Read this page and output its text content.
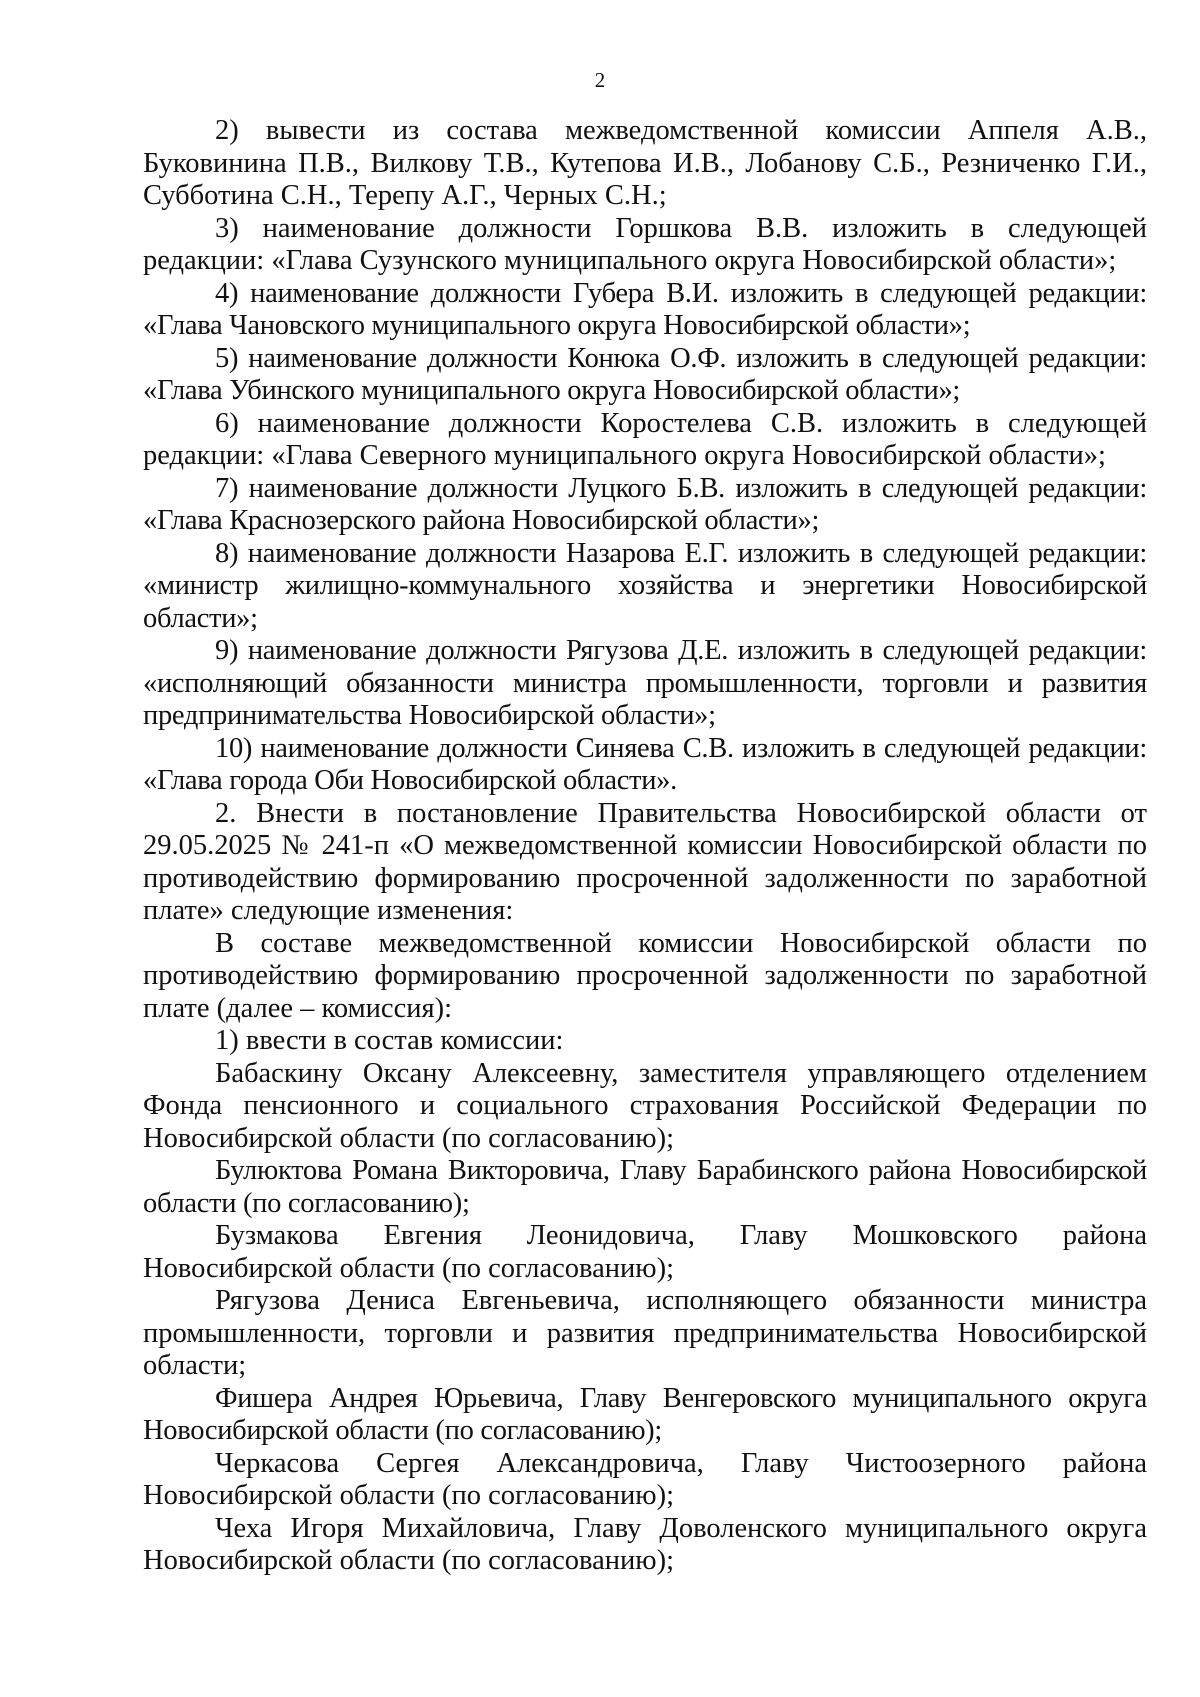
2

2) вывести из состава межведомственной комиссии Аппеля А.В., Буковинина П.В., Вилкову Т.В., Кутепова И.В., Лобанову С.Б., Резниченко Г.И., Субботина С.Н., Терепу А.Г., Черных С.Н.;

3) наименование должности Горшкова В.В. изложить в следующей редакции: «Глава Сузунского муниципального округа Новосибирской области»;

4) наименование должности Губера В.И. изложить в следующей редакции: «Глава Чановского муниципального округа Новосибирской области»;

5) наименование должности Конюка О.Ф. изложить в следующей редакции: «Глава Убинского муниципального округа Новосибирской области»;

6) наименование должности Коростелева С.В. изложить в следующей редакции: «Глава Северного муниципального округа Новосибирской области»;

7) наименование должности Луцкого Б.В. изложить в следующей редакции: «Глава Краснозерского района Новосибирской области»;

8) наименование должности Назарова Е.Г. изложить в следующей редакции: «министр жилищно-коммунального хозяйства и энергетики Новосибирской области»;

9) наименование должности Рягузова Д.Е. изложить в следующей редакции: «исполняющий обязанности министра промышленности, торговли и развития предпринимательства Новосибирской области»;

10) наименование должности Синяева С.В. изложить в следующей редакции: «Глава города Оби Новосибирской области».

2. Внести в постановление Правительства Новосибирской области от 29.05.2025 № 241-п «О межведомственной комиссии Новосибирской области по противодействию формированию просроченной задолженности по заработной плате» следующие изменения:

В составе межведомственной комиссии Новосибирской области по противодействию формированию просроченной задолженности по заработной плате (далее – комиссия):

1) ввести в состав комиссии:

Бабаскину Оксану Алексеевну, заместителя управляющего отделением Фонда пенсионного и социального страхования Российской Федерации по Новосибирской области (по согласованию);

Булюктова Романа Викторовича, Главу Барабинского района Новосибирской области (по согласованию);

Бузмакова Евгения Леонидовича, Главу Мошковского района Новосибирской области (по согласованию);

Рягузова Дениса Евгеньевича, исполняющего обязанности министра промышленности, торговли и развития предпринимательства Новосибирской области;

Фишера Андрея Юрьевича, Главу Венгеровского муниципального округа Новосибирской области (по согласованию);

Черкасова Сергея Александровича, Главу Чистоозерного района Новосибирской области (по согласованию);

Чеха Игоря Михайловича, Главу Доволенского муниципального округа Новосибирской области (по согласованию);
